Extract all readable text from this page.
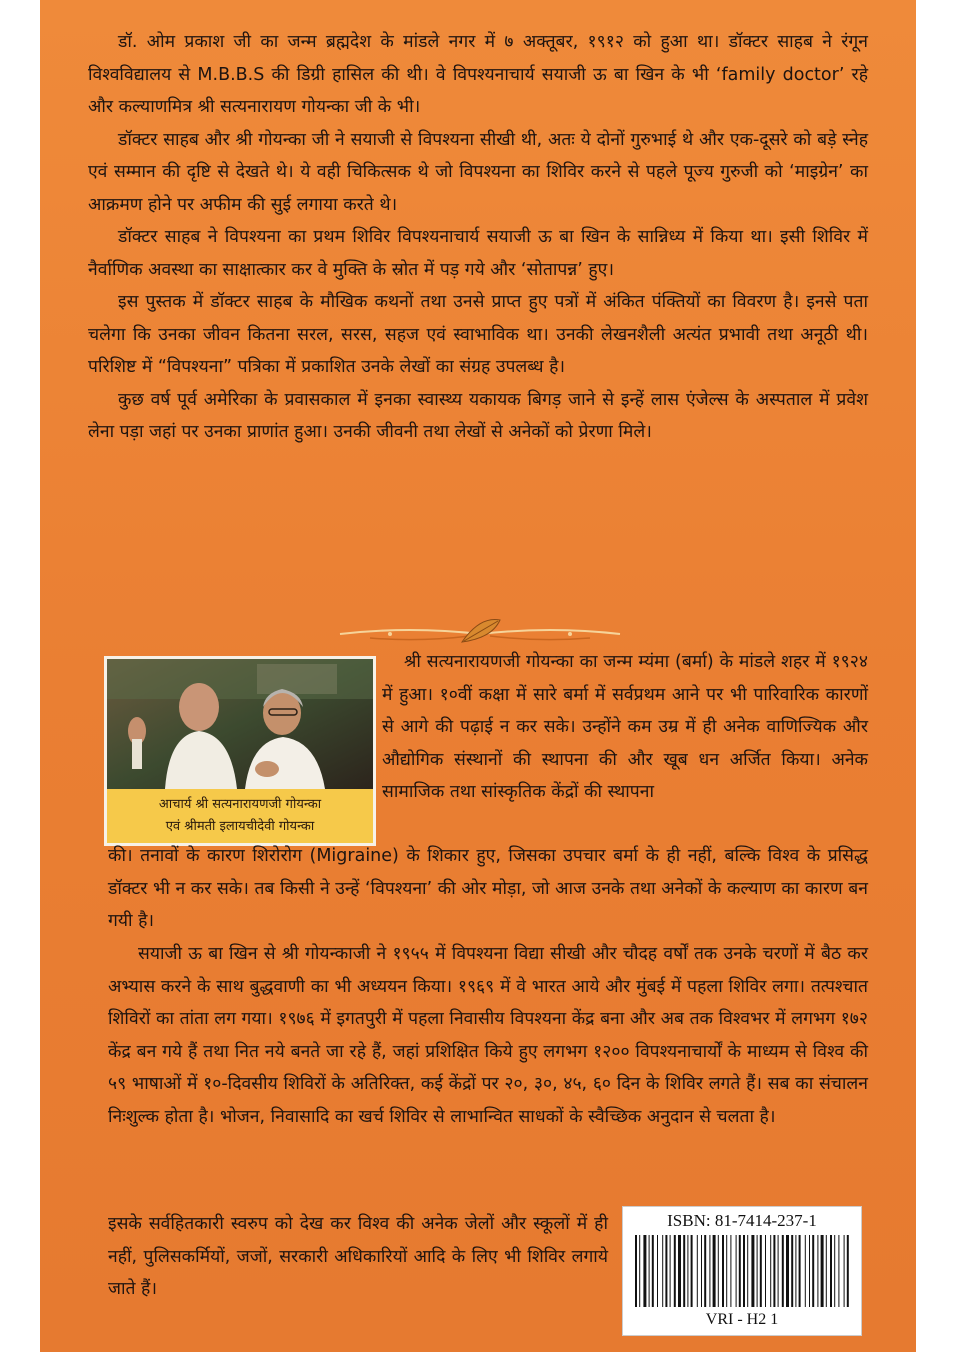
डॉ. ओम प्रकाश जी का जन्म ब्रह्मदेश के मांडले नगर में ७ अक्तूबर, १९१२ को हुआ था। डॉक्टर साहब ने रंगून विश्वविद्यालय से M.B.B.S की डिग्री हासिल की थी। वे विपश्यनाचार्य सयाजी ऊ बा खिन के भी ‘family doctor’ रहे और कल्याणमित्र श्री सत्यनारायण गोयन्का जी के भी।

डॉक्टर साहब और श्री गोयन्का जी ने सयाजी से विपश्यना सीखी थी, अतः ये दोनों गुरुभाई थे और एक-दूसरे को बड़े स्नेह एवं सम्मान की दृष्टि से देखते थे। ये वही चिकित्सक थे जो विपश्यना का शिविर करने से पहले पूज्य गुरुजी को ‘माइग्रेन’ का आक्रमण होने पर अफीम की सुई लगाया करते थे।

डॉक्टर साहब ने विपश्यना का प्रथम शिविर विपश्यनाचार्य सयाजी ऊ बा खिन के सान्निध्य में किया था। इसी शिविर में नैर्वाणिक अवस्था का साक्षात्कार कर वे मुक्ति के स्रोत में पड़ गये और ‘सोतापन्न’ हुए।

इस पुस्तक में डॉक्टर साहब के मौखिक कथनों तथा उनसे प्राप्त हुए पत्रों में अंकित पंक्तियों का विवरण है। इनसे पता चलेगा कि उनका जीवन कितना सरल, सरस, सहज एवं स्वाभाविक था। उनकी लेखनशैली अत्यंत प्रभावी तथा अनूठी थी। परिशिष्ट में “विपश्यना” पत्रिका में प्रकाशित उनके लेखों का संग्रह उपलब्ध है।

कुछ वर्ष पूर्व अमेरिका के प्रवासकाल में इनका स्वास्थ्य यकायक बिगड़ जाने से इन्हें लास एंजेल्स के अस्पताल में प्रवेश लेना पड़ा जहां पर उनका प्राणांत हुआ। उनकी जीवनी तथा लेखों से अनेकों को प्रेरणा मिले।

आचार्य श्री सत्यनारायणजी गोयन्का
एवं श्रीमती इलायचीदेवी गोयन्का

श्री सत्यनारायणजी गोयन्का का जन्म म्यंमा (बर्मा) के मांडले शहर में १९२४ में हुआ। १०वीं कक्षा में सारे बर्मा में सर्वप्रथम आने पर भी पारिवारिक कारणों से आगे की पढ़ाई न कर सके। उन्होंने कम उम्र में ही अनेक वाणिज्यिक और औद्योगिक संस्थानों की स्थापना की और खूब धन अर्जित किया। अनेक सामाजिक तथा सांस्कृतिक केंद्रों की स्थापना

की। तनावों के कारण शिरोरोग (Migraine) के शिकार हुए, जिसका उपचार बर्मा के ही नहीं, बल्कि विश्व के प्रसिद्ध डॉक्टर भी न कर सके। तब किसी ने उन्हें ‘विपश्यना’ की ओर मोड़ा, जो आज उनके तथा अनेकों के कल्याण का कारण बन गयी है।

सयाजी ऊ बा खिन से श्री गोयन्काजी ने १९५५ में विपश्यना विद्या सीखी और चौदह वर्षों तक उनके चरणों में बैठ कर अभ्यास करने के साथ बुद्धवाणी का भी अध्ययन किया। १९६९ में वे भारत आये और मुंबई में पहला शिविर लगा। तत्पश्चात शिविरों का तांता लग गया। १९७६ में इगतपुरी में पहला निवासीय विपश्यना केंद्र बना और अब तक विश्वभर में लगभग १७२ केंद्र बन गये हैं तथा नित नये बनते जा रहे हैं, जहां प्रशिक्षित किये हुए लगभग १२०० विपश्यनाचार्यों के माध्यम से विश्व की ५९ भाषाओं में १०-दिवसीय शिविरों के अतिरिक्त, कई केंद्रों पर २०, ३०, ४५, ६० दिन के शिविर लगते हैं। सब का संचालन निःशुल्क होता है। भोजन, निवासादि का खर्च शिविर से लाभान्वित साधकों के स्वैच्छिक अनुदान से चलता है।

इसके सर्वहितकारी स्वरुप को देख कर विश्व की अनेक जेलों और स्कूलों में ही नहीं, पुलिसकर्मियों, जजों, सरकारी अधिकारियों आदि के लिए भी शिविर लगाये जाते हैं।

ISBN: 81-7414-237-1
VRI - H2 1
